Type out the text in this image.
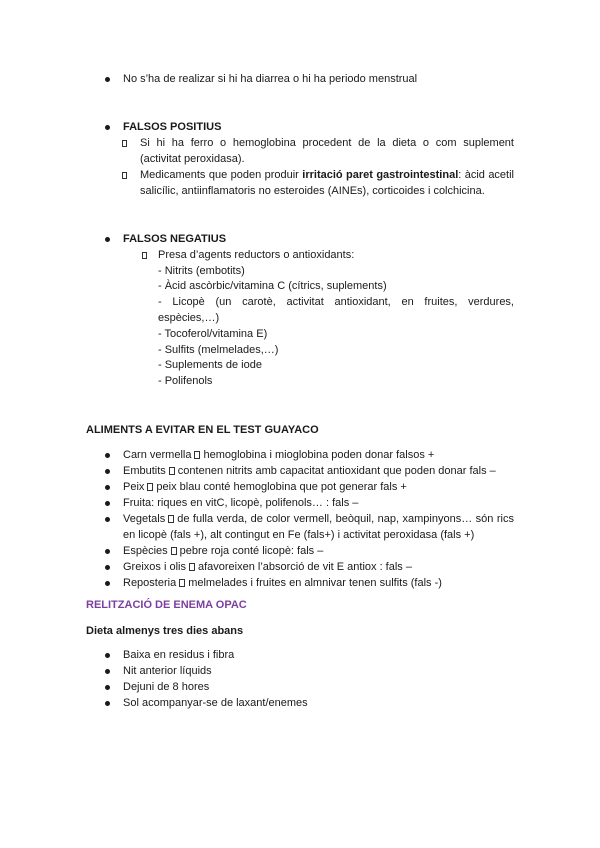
No s’ha de realizar si hi ha diarrea o hi ha periodo menstrual
FALSOS POSITIUS
Si hi ha ferro o hemoglobina procedent de la dieta o com suplement (activitat peroxidasa).
Medicaments que poden produir irritació paret gastrointestinal: àcid acetil salicílic, antiinflamatoris no esteroides (AINEs), corticoides i colchicina.
FALSOS NEGATIUS
Presa d’agents reductors o antioxidants:
- Nitrits (embotits)
- Àcid ascòrbic/vitamina C (cítrics, suplements)
- Licopè (un carotè, activitat antioxidant, en fruites, verdures, espècies,…)
- Tocoferol/vitamina E)
- Sulfits (melmelades,…)
- Suplements de iode
- Polifenols
ALIMENTS A EVITAR EN EL TEST GUAYACO
Carn vermella hemoglobina i mioglobina poden donar falsos +
Embutits contenen nitrits amb capacitat antioxidant que poden donar fals –
Peix peix blau conté hemoglobina que pot generar fals +
Fruita: riques en vitC, licopè, polifenols… : fals –
Vegetals de fulla verda, de color vermell, beòquil, nap, xampinyons… són rics en licopè (fals +), alt contingut en Fe (fals+) i activitat peroxidasa (fals +)
Espècies pebre roja conté licopè: fals –
Greixos i olis afavoreixen l’absorció de vit E antiox : fals –
Reposteria melmelades i fruites en almnivar tenen sulfits (fals -)
RELITZACIÓ DE ENEMA OPAC
Dieta almenys tres dies abans
Baixa en residus i fibra
Nit anterior líquids
Dejuni de 8 hores
Sol acompanyar-se de laxant/enemes
